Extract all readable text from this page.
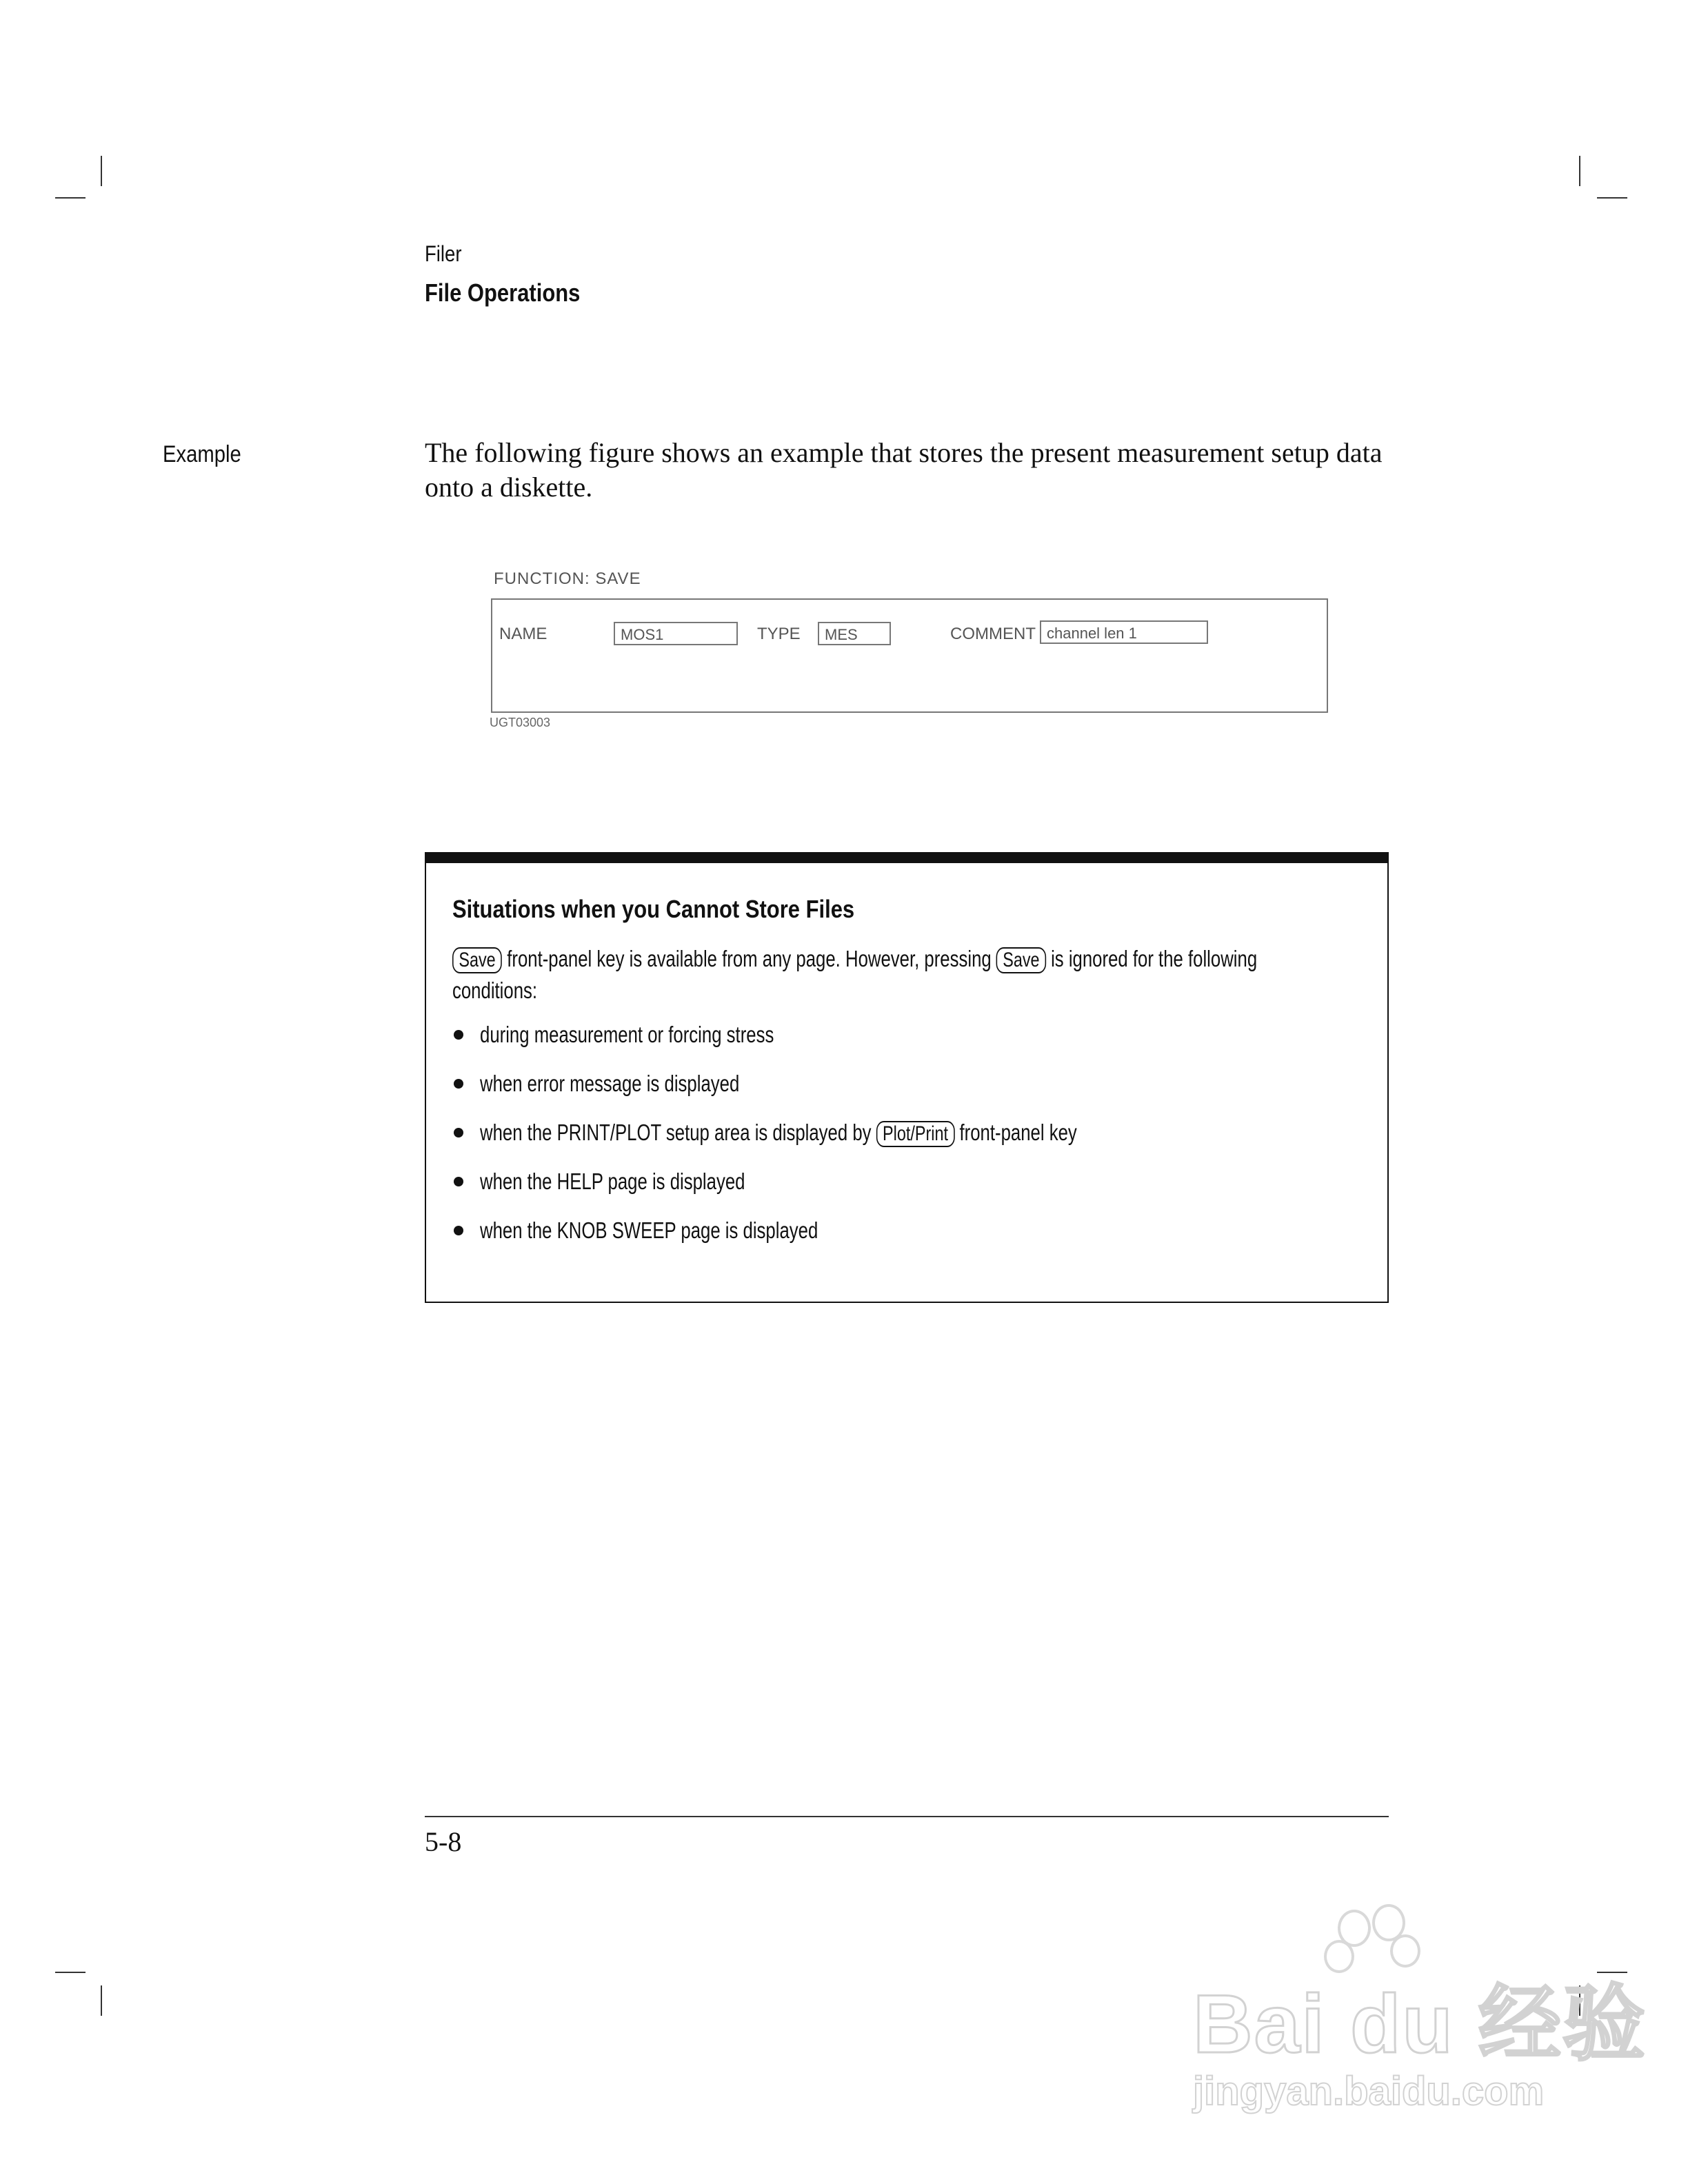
Filer
File Operations
Example	The following figure shows an example that stores the present measurement setup data onto a diskette.
FUNCTION: SAVE
NAME	MOS1	TYPE	MES	COMMENT channel len 1
UGT03003
Situations when you Cannot Store Files
Save front-panel key is available from any page. However, pressing Save is ignored for the following conditions:
during measurement or forcing stress
when error message is displayed
when the PRINT/PLOT setup area is displayed by Plot/Print front-panel key
when the HELP page is displayed
when the KNOB SWEEP page is displayed
5-8
Bai du 经验
jingyan.baidu.com
